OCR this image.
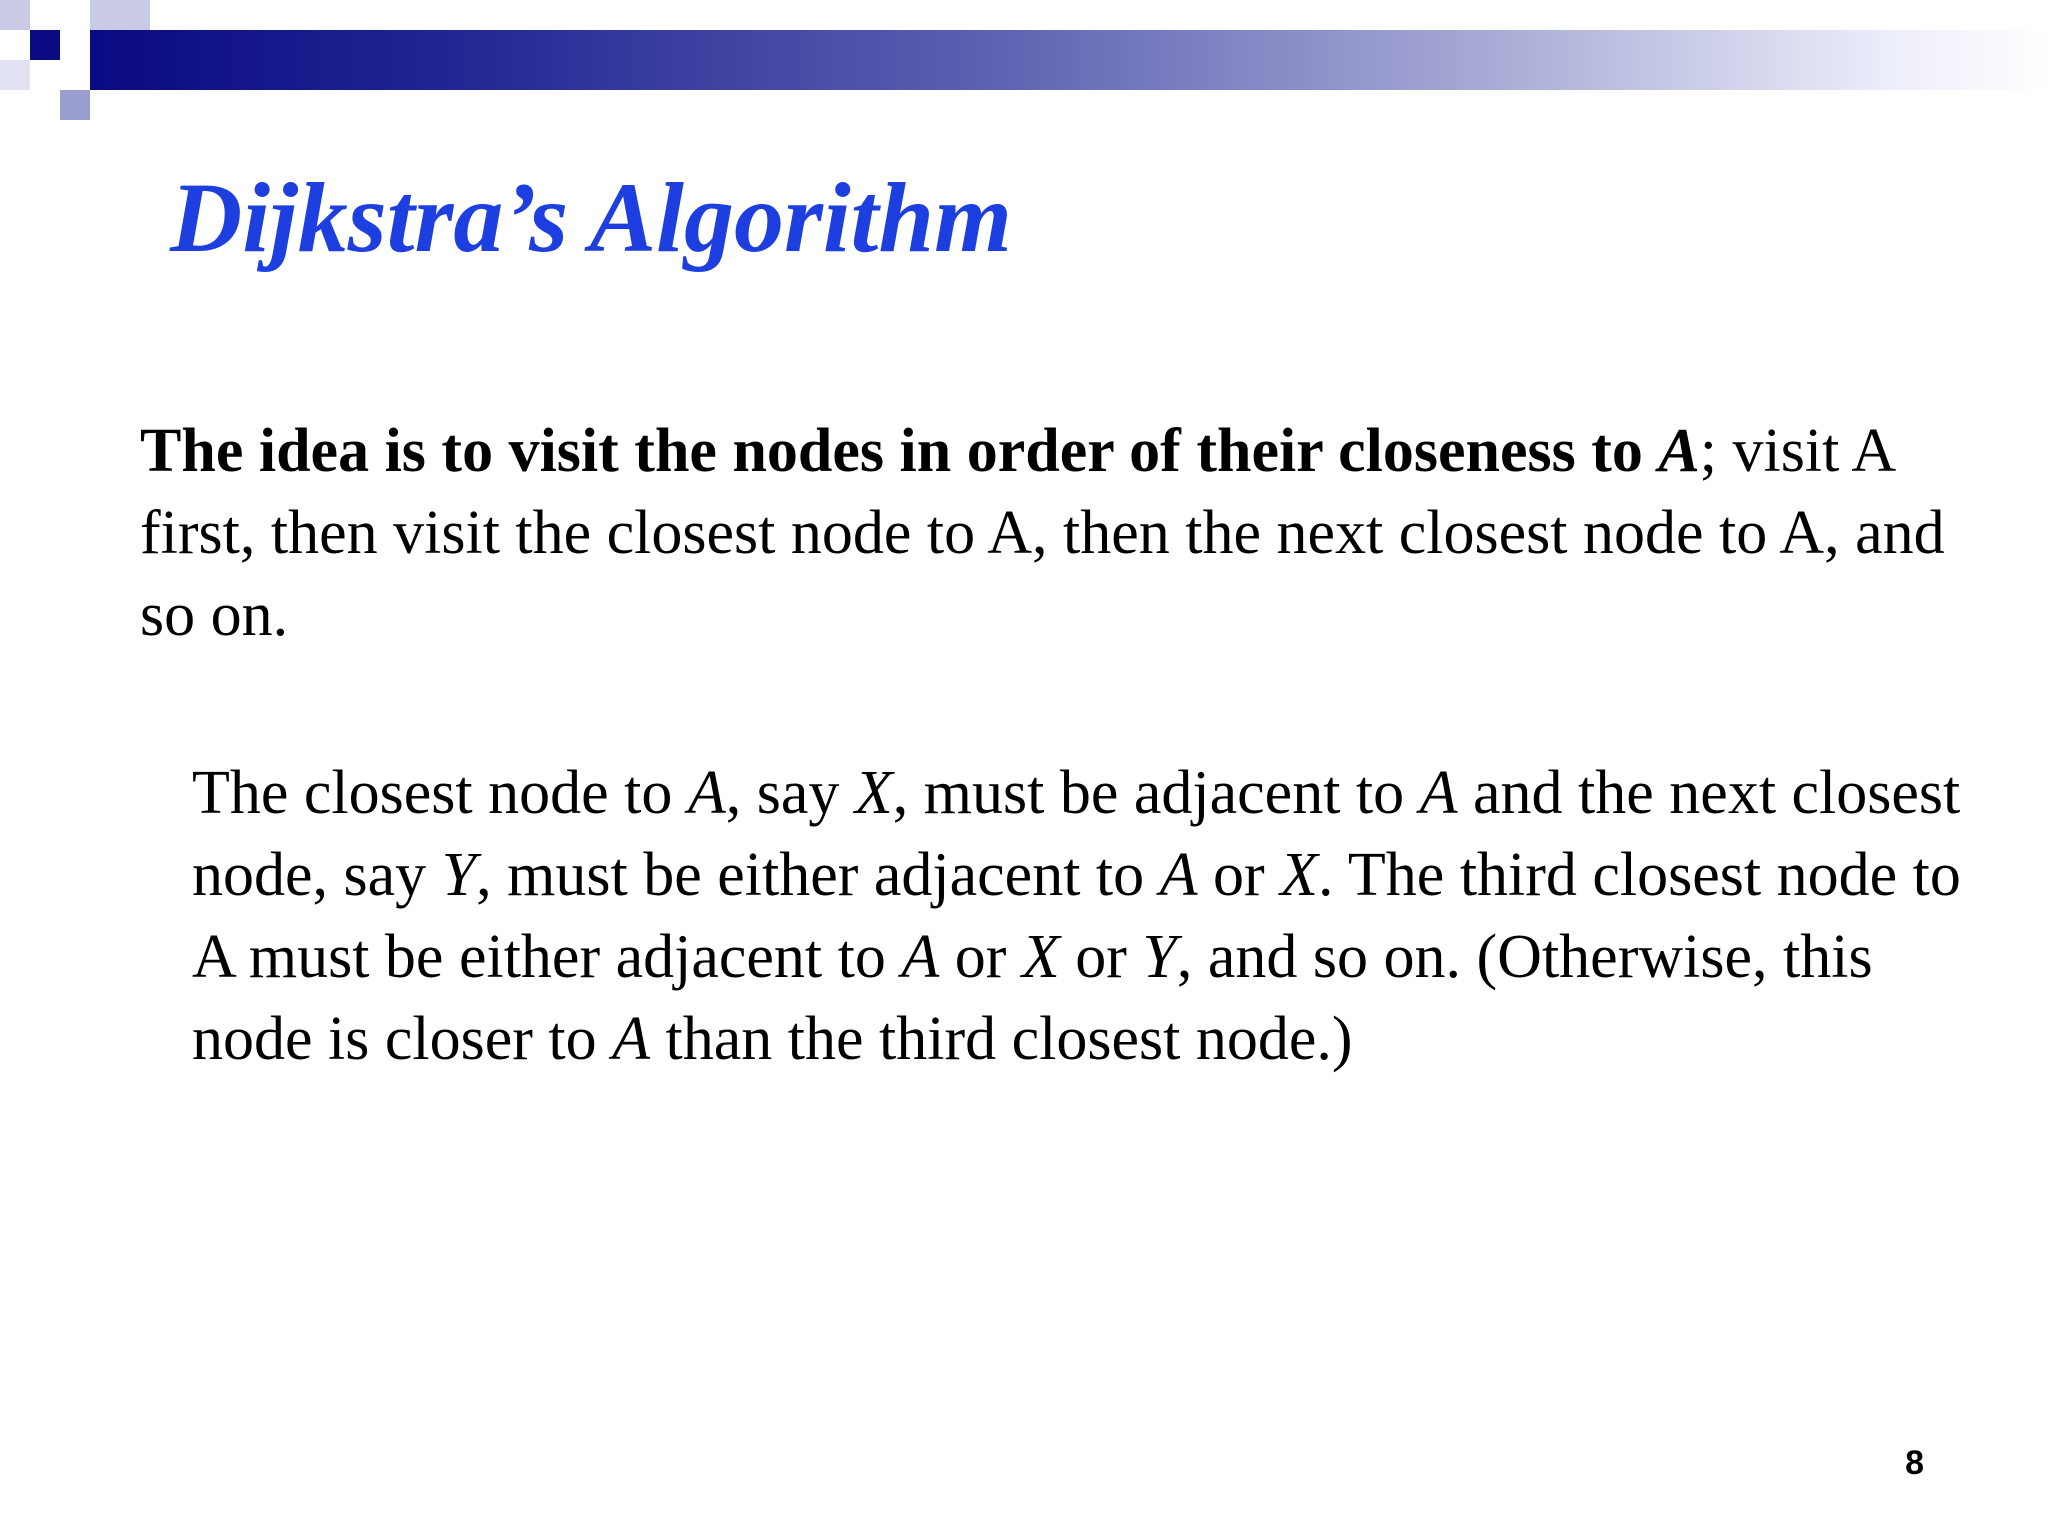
Dijkstra’s Algorithm

The idea is to visit the nodes in order of their closeness to A; visit A first, then visit the closest node to A, then the next closest node to A, and so on.

The closest node to A, say X, must be adjacent to A and the next closest node, say Y, must be either adjacent to A or X. The third closest node to A must be either adjacent to A or X or Y, and so on. (Otherwise, this node is closer to A than the third closest node.)

8
